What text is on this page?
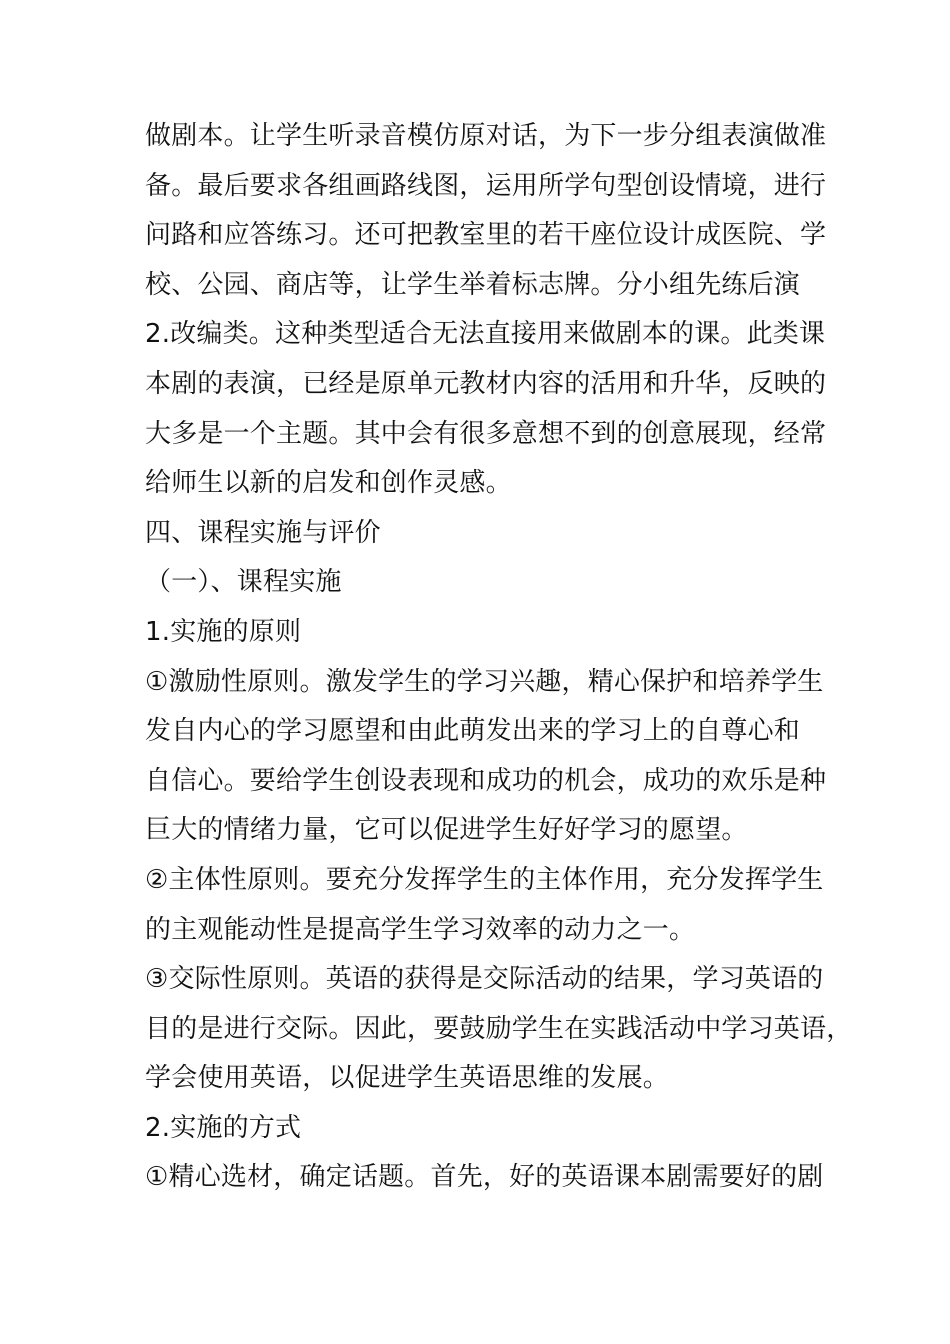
做剧本。让学生听录音模仿原对话，为下一步分组表演做准
备。最后要求各组画路线图，运用所学句型创设情境，进行
问路和应答练习。还可把教室里的若干座位设计成医院、学
校、公园、商店等，让学生举着标志牌。分小组先练后演
2.改编类。这种类型适合无法直接用来做剧本的课。此类课
本剧的表演，已经是原单元教材内容的活用和升华，反映的
大多是一个主题。其中会有很多意想不到的创意展现，经常
给师生以新的启发和创作灵感。
四、课程实施与评价
（一）、课程实施
1.实施的原则
①激励性原则。激发学生的学习兴趣，精心保护和培养学生
发自内心的学习愿望和由此萌发出来的学习上的自尊心和
自信心。要给学生创设表现和成功的机会，成功的欢乐是种
巨大的情绪力量，它可以促进学生好好学习的愿望。
②主体性原则。要充分发挥学生的主体作用，充分发挥学生
的主观能动性是提高学生学习效率的动力之一。
③交际性原则。英语的获得是交际活动的结果，学习英语的
目的是进行交际。因此，要鼓励学生在实践活动中学习英语，
学会使用英语，以促进学生英语思维的发展。
2.实施的方式
①精心选材，确定话题。首先，好的英语课本剧需要好的剧
